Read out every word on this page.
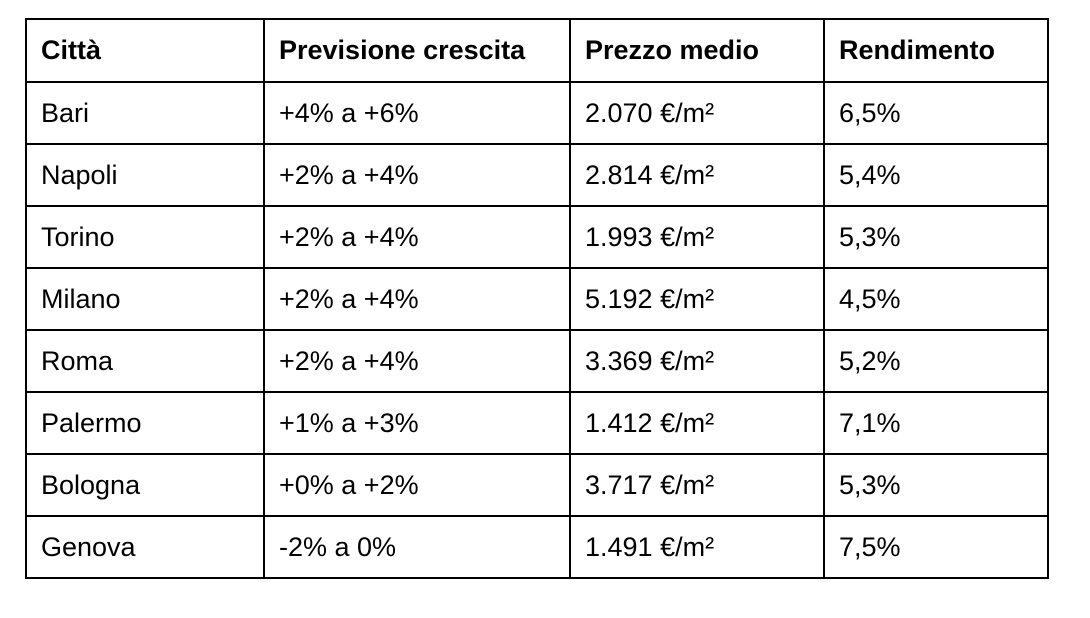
Città	Previsione crescita	Prezzo medio	Rendimento
Bari	+4% a +6%	2.070 €/m²	6,5%
Napoli	+2% a +4%	2.814 €/m²	5,4%
Torino	+2% a +4%	1.993 €/m²	5,3%
Milano	+2% a +4%	5.192 €/m²	4,5%
Roma	+2% a +4%	3.369 €/m²	5,2%
Palermo	+1% a +3%	1.412 €/m²	7,1%
Bologna	+0% a +2%	3.717 €/m²	5,3%
Genova	-2% a 0%	1.491 €/m²	7,5%
